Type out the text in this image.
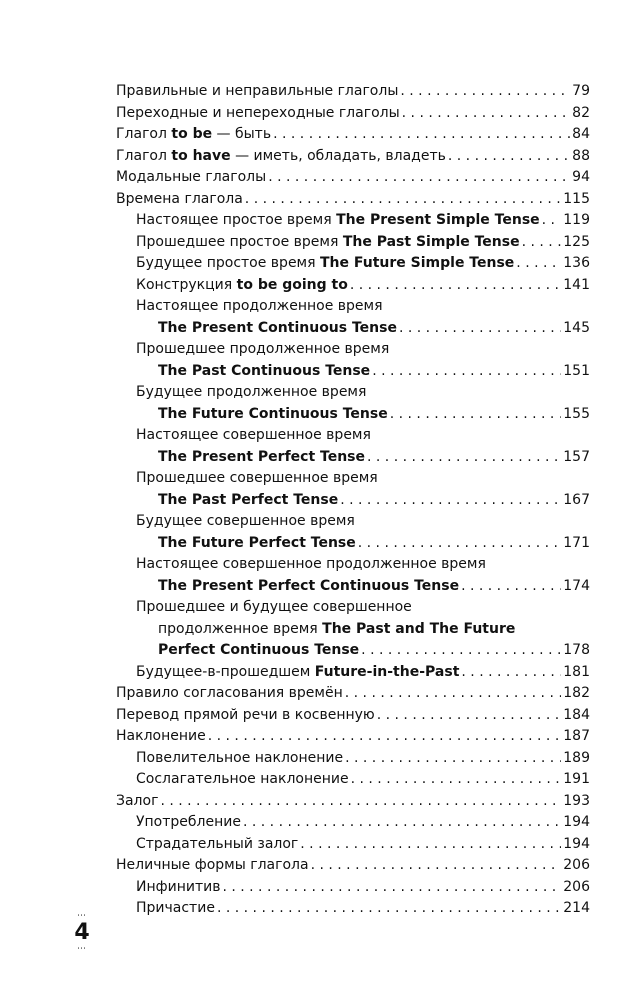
Правильные и неправильные глаголы . . .	79
Переходные и непереходные глаголы . . .	82
Глагол to be — быть . . .	84
Глагол to have — иметь, обладать, владеть . . .	88
Модальные глаголы . . .	94
Времена глагола . . .	115
Настоящее простое время The Present Simple Tense . . . 119
Прошедшее простое время The Past Simple Tense . . .	125
Будущее простое время The Future Simple Tense . . .	136
Конструкция to be going to . . .	141
Настоящее продолженное время
The Present Continuous Tense . . .	145
Прошедшее продолженное время
The Past Continuous Tense . . .	151
Будущее продолженное время
The Future Continuous Tense . . .	155
Настоящее совершенное время
The Present Perfect Tense . . .	157
Прошедшее совершенное время
The Past Perfect Tense . . .	167
Будущее совершенное время
The Future Perfect Tense . . .	171
Настоящее совершенное продолженное время
The Present Perfect Continuous Tense . . .	174
Прошедшее и будущее совершенное
продолженное время The Past and The Future
Perfect Continuous Tense . . .	178
Будущее-в-прошедшем Future-in-the-Past . . .	181
Правило согласования времён . . .	182
Перевод прямой речи в косвенную . . .	184
Наклонение . . .	187
Повелительное наклонение . . .	189
Сослагательное наклонение . . .	191
Залог . . .	193
Употребление . . .	194
Страдательный залог . . .	194
Неличные формы глагола . . .	206
Инфинитив . . .	206
Причастие . . .	214
⋯
4
⋯
